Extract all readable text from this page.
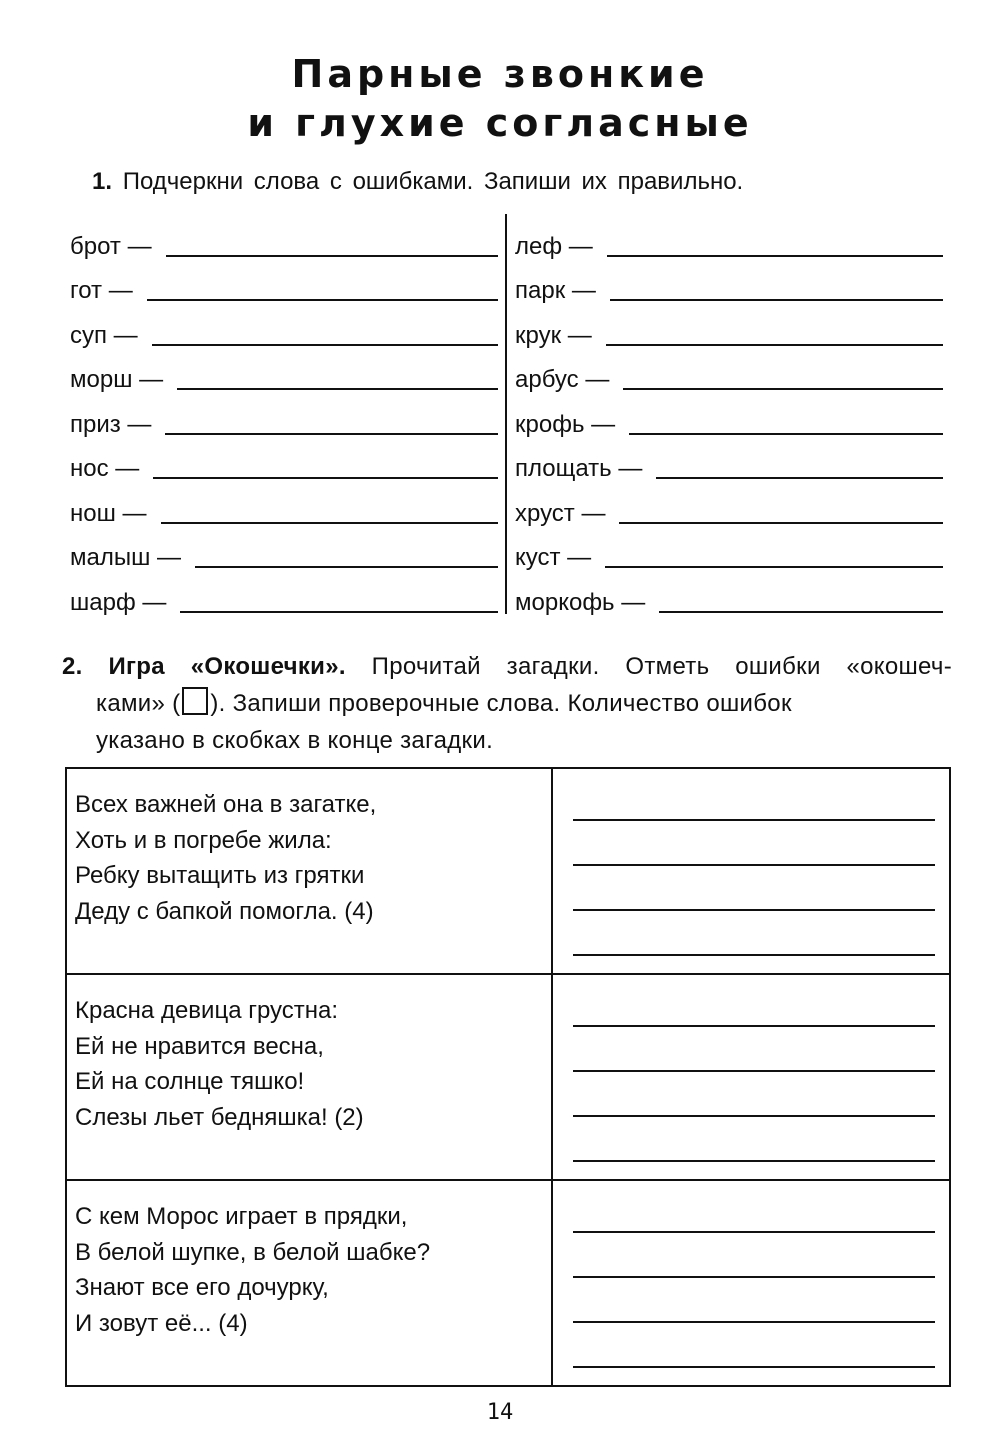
Парные звонкие
и глухие согласные
1. Подчеркни слова с ошибками. Запиши их правильно.
брот —
гот —
суп —
морш —
приз —
нос —
нош —
малыш —
шарф —
леф —
парк —
крук —
арбус —
крофь —
площать —
хруст —
куст —
моркофь —
2. Игра «Окошечки». Прочитай загадки. Отметь ошибки «окошеч-
ками» ( ). Запиши проверочные слова. Количество ошибок
указано в скобках в конце загадки.
Всех важней она в загатке,
Хоть и в погребе жила:
Ребку вытащить из грятки
Деду с бапкой помогла. (4)	

Красна девица грустна:
Ей не нравится весна,
Ей на солнце тяшко!
Слезы льет бедняшка! (2)	

С кем Морос играет в прядки,
В белой шупке, в белой шабке?
Знают все его дочурку,
И зовут её... (4)	

14
